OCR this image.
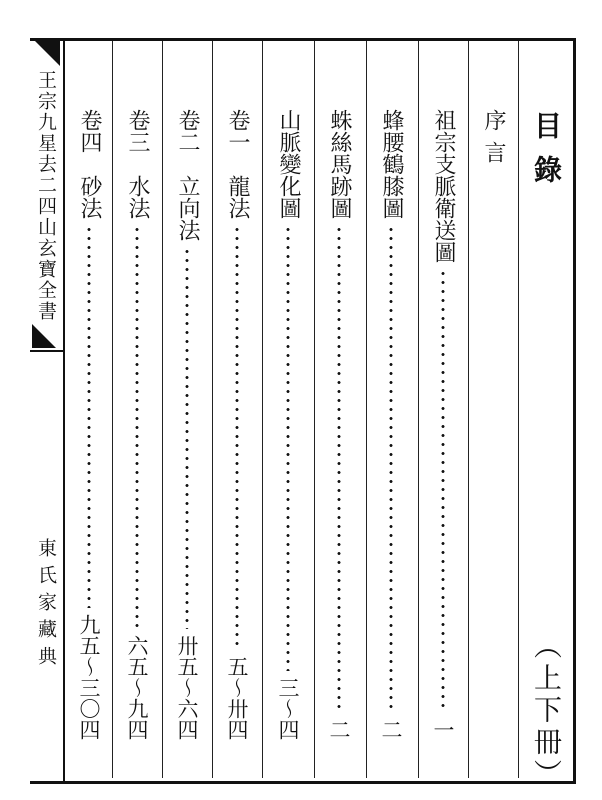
王宗九星去二四山玄寶全書
東氏家藏典
目錄
（上下冊）
序言
祖宗支脈衛送圖
一
蜂腰鶴膝圖
二
蛛絲馬跡圖
二
山脈變化圖
三～四
卷一
龍法
五～卅四
卷二
立向法
卅五～六四
卷三
水法
六五～九四
卷四
砂法
九五～三〇四
